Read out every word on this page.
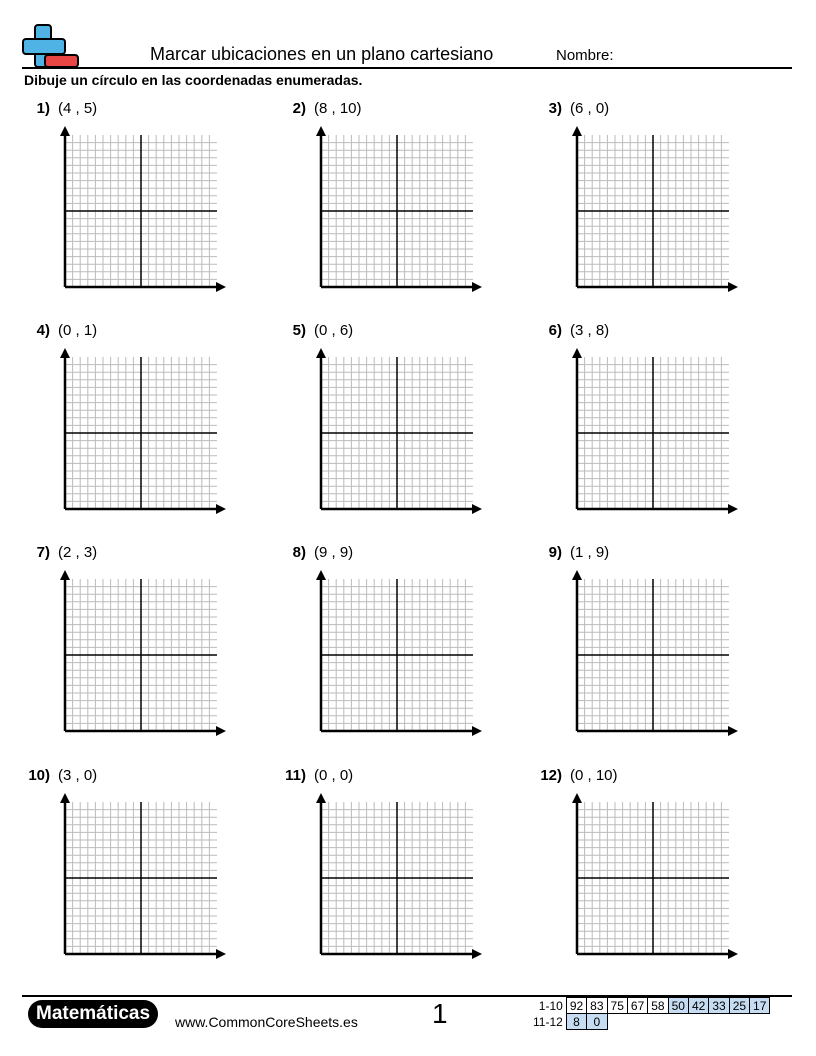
Marcar ubicaciones en un plano cartesiano	Nombre:
Dibuje un círculo en las coordenadas enumeradas.
1) (4 , 5)	2) (8 , 10)	3) (6 , 0)
4) (0 , 1)	5) (0 , 6)	6) (3 , 8)
7) (2 , 3)	8) (9 , 9)	9) (1 , 9)
10) (3 , 0)	11) (0 , 0)	12) (0 , 10)
Matemáticas	www.CommonCoreSheets.es	1	1-10	92	83	75	67	58	50	42	33	25	17
11-12	8	0								
